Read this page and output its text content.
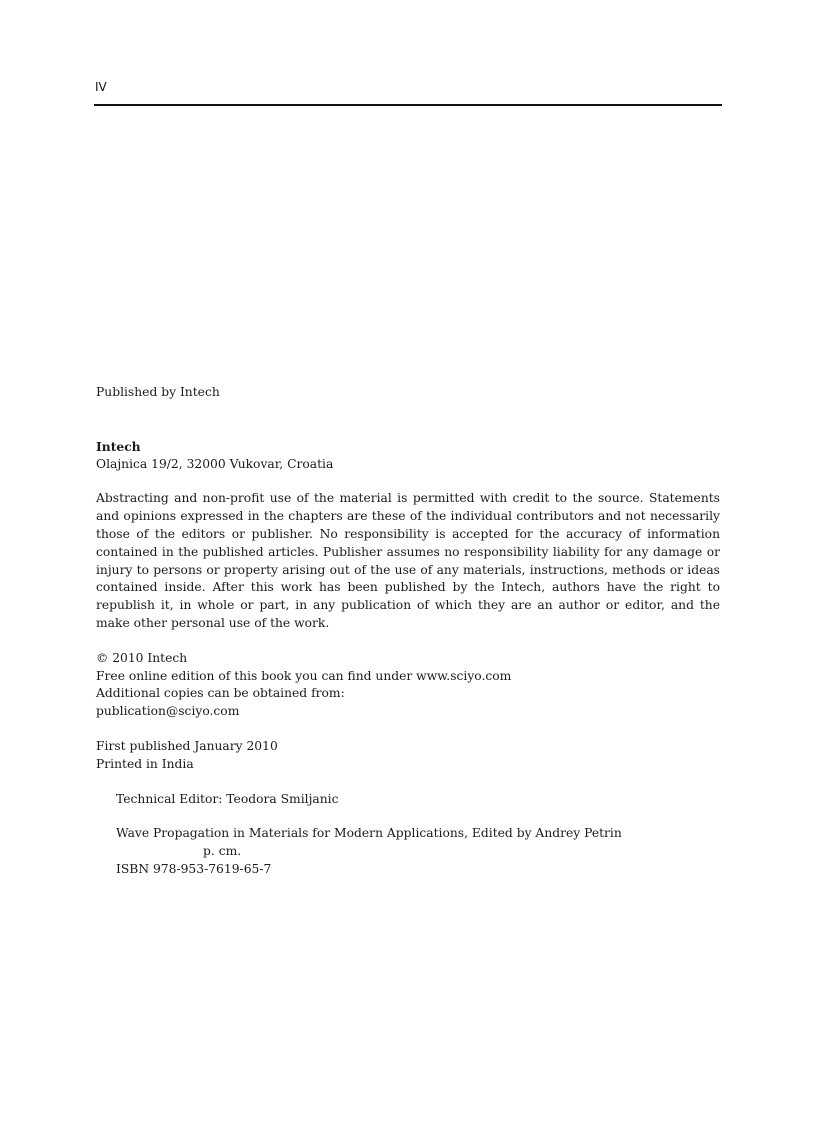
IV

Published by Intech

Intech

Olajnica 19/2, 32000 Vukovar, Croatia

Abstracting and non-profit use of the material is permitted with credit to the source. Statements and opinions expressed in the chapters are these of the individual contributors and not necessarily those of the editors or publisher. No responsibility is accepted for the accuracy of information contained in the published articles. Publisher assumes no responsibility liability for any damage or injury to persons or property arising out of the use of any materials, instructions, methods or ideas contained inside. After this work has been published by the Intech, authors have the right to republish it, in whole or part, in any publication of which they are an author or editor, and the make other personal use of the work.

© 2010 Intech

Free online edition of this book you can find under www.sciyo.com

Additional copies can be obtained from:

publication@sciyo.com

First published January 2010

Printed in India

Technical Editor: Teodora Smiljanic

Wave Propagation in Materials for Modern Applications, Edited by Andrey Petrin

p. cm.

ISBN 978-953-7619-65-7
